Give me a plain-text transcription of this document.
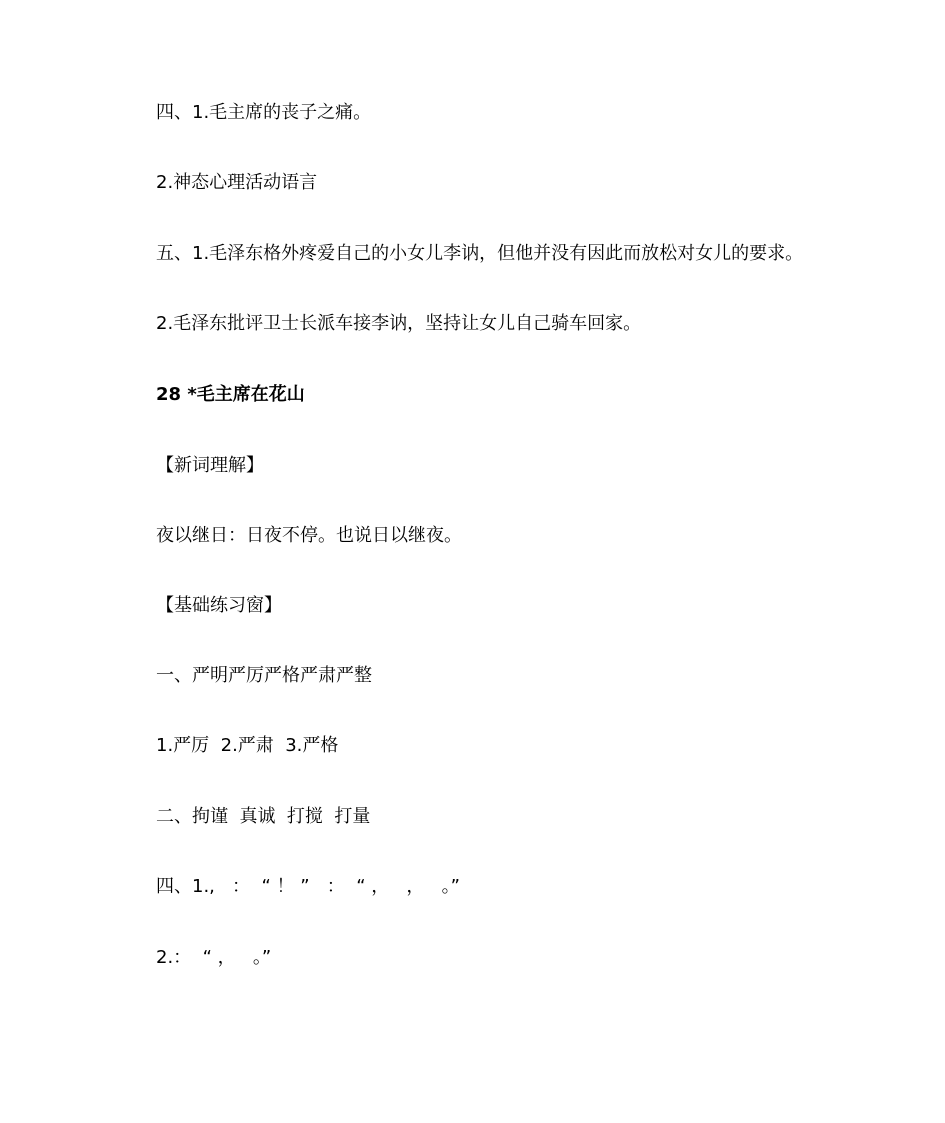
四、1.毛主席的丧子之痛。
2.神态心理活动语言
五、1.毛泽东格外疼爱自己的小女儿李讷，但他并没有因此而放松对女儿的要求。
2.毛泽东批评卫士长派车接李讷，坚持让女儿自己骑车回家。
28 *毛主席在花山
【新词理解】
夜以继日：日夜不停。也说日以继夜。
【基础练习窗】
一、严明严厉严格严肃严整
1.严厉  2.严肃  3.严格
二、拘谨  真诚  打搅  打量
四、1.,   ：  “ ！ ”   ：  “ ，   ，   。”
2.：  “ ，   。”
